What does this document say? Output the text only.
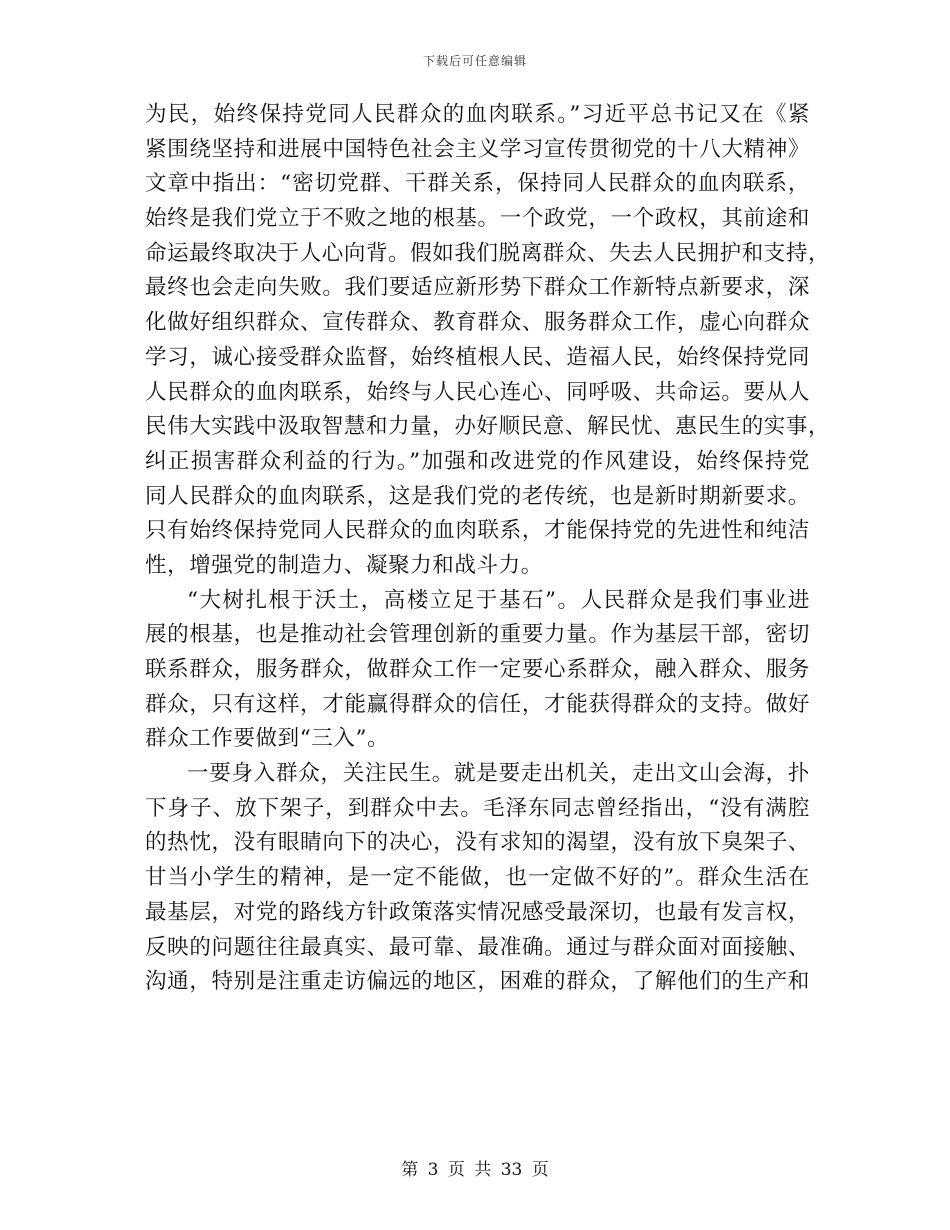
下载后可任意编辑
为民，始终保持党同人民群众的血肉联系。”习近平总书记又在《紧
紧围绕坚持和进展中国特色社会主义学习宣传贯彻党的十八大精神》
文章中指出：“密切党群、干群关系，保持同人民群众的血肉联系，
始终是我们党立于不败之地的根基。一个政党，一个政权，其前途和
命运最终取决于人心向背。假如我们脱离群众、失去人民拥护和支持，
最终也会走向失败。我们要适应新形势下群众工作新特点新要求，深
化做好组织群众、宣传群众、教育群众、服务群众工作，虚心向群众
学习，诚心接受群众监督，始终植根人民、造福人民，始终保持党同
人民群众的血肉联系，始终与人民心连心、同呼吸、共命运。要从人
民伟大实践中汲取智慧和力量，办好顺民意、解民忧、惠民生的实事，
纠正损害群众利益的行为。”加强和改进党的作风建设，始终保持党
同人民群众的血肉联系，这是我们党的老传统，也是新时期新要求。
只有始终保持党同人民群众的血肉联系，才能保持党的先进性和纯洁
性，增强党的制造力、凝聚力和战斗力。
“大树扎根于沃土，高楼立足于基石”。人民群众是我们事业进
展的根基，也是推动社会管理创新的重要力量。作为基层干部，密切
联系群众，服务群众，做群众工作一定要心系群众，融入群众、服务
群众，只有这样，才能赢得群众的信任，才能获得群众的支持。做好
群众工作要做到“三入”。
一要身入群众，关注民生。就是要走出机关，走出文山会海，扑
下身子、放下架子，到群众中去。毛泽东同志曾经指出，“没有满腔
的热忱，没有眼睛向下的决心，没有求知的渴望，没有放下臭架子、
甘当小学生的精神，是一定不能做，也一定做不好的”。群众生活在
最基层，对党的路线方针政策落实情况感受最深切，也最有发言权，
反映的问题往往最真实、最可靠、最准确。通过与群众面对面接触、
沟通，特别是注重走访偏远的地区，困难的群众，了解他们的生产和
第 3 页 共 33 页
